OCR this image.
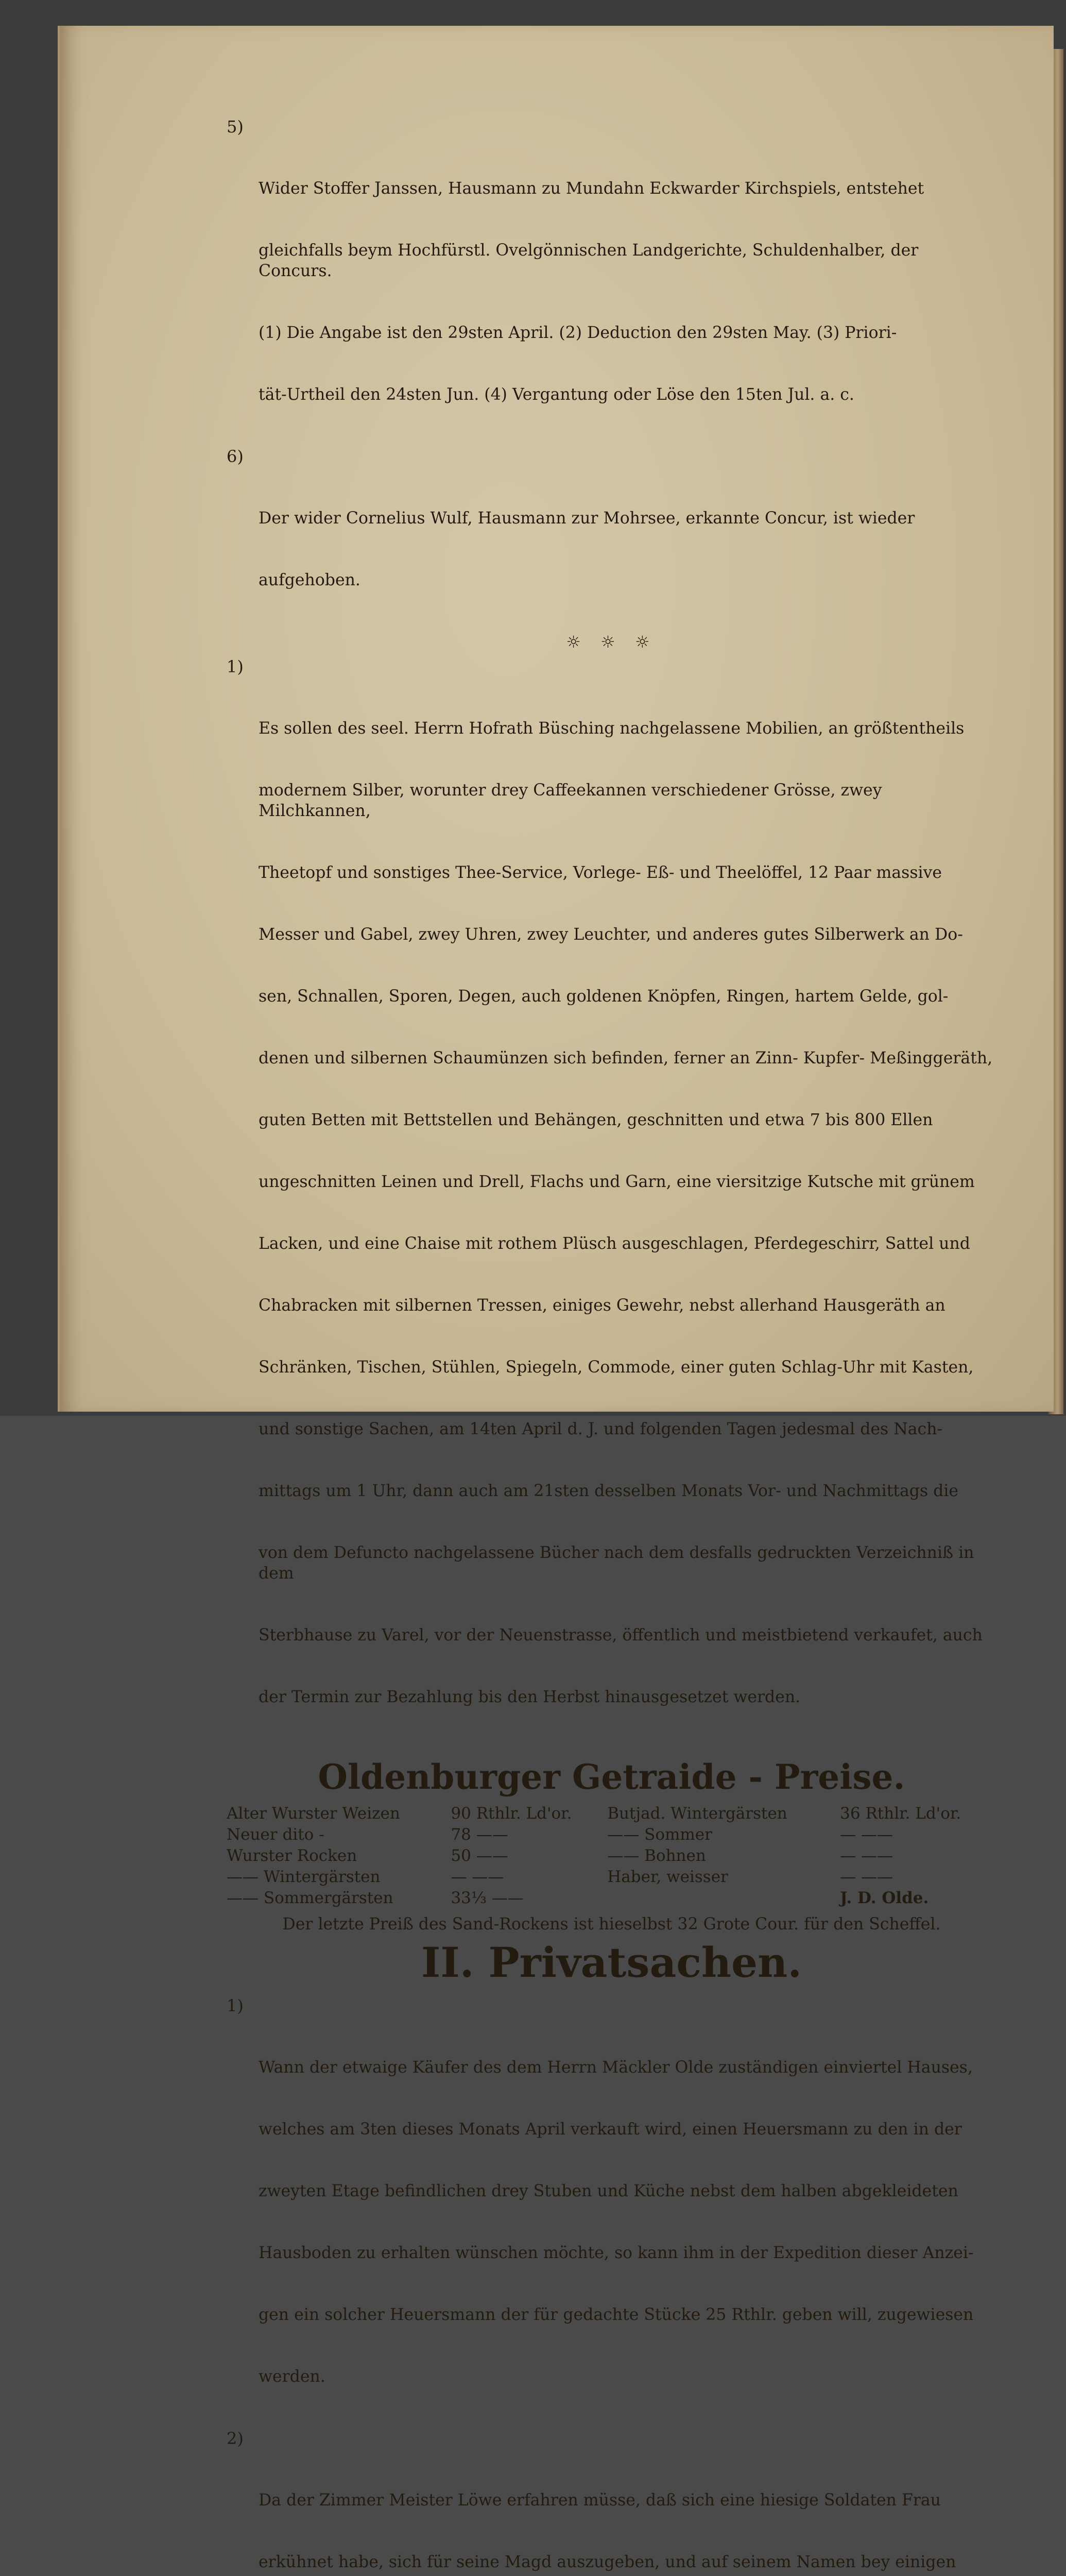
5)

Wider Stoffer Janssen, Hausmann zu Mundahn Eckwarder Kirchspiels, entstehet

gleichfalls beym Hochfürstl. Ovelgönnischen Landgerichte, Schuldenhalber, der Concurs.

(1) Die Angabe ist den 29sten April. (2) Deduction den 29sten May. (3) Priori-

tät-Urtheil den 24sten Jun. (4) Vergantung oder Löse den 15ten Jul. a. c.

6)

Der wider Cornelius Wulf, Hausmann zur Mohrsee, erkannte Concur, ist wieder

aufgehoben.

☼ ☼ ☼

1)

Es sollen des seel. Herrn Hofrath Büsching nachgelassene Mobilien, an größtentheils

modernem Silber, worunter drey Caffeekannen verschiedener Grösse, zwey Milchkannen,

Theetopf und sonstiges Thee-Service, Vorlege- Eß- und Theelöffel, 12 Paar massive

Messer und Gabel, zwey Uhren, zwey Leuchter, und anderes gutes Silberwerk an Do-

sen, Schnallen, Sporen, Degen, auch goldenen Knöpfen, Ringen, hartem Gelde, gol-

denen und silbernen Schaumünzen sich befinden, ferner an Zinn- Kupfer- Meßinggeräth,

guten Betten mit Bettstellen und Behängen, geschnitten und etwa 7 bis 800 Ellen

ungeschnitten Leinen und Drell, Flachs und Garn, eine viersitzige Kutsche mit grünem

Lacken, und eine Chaise mit rothem Plüsch ausgeschlagen, Pferdegeschirr, Sattel und

Chabracken mit silbernen Tressen, einiges Gewehr, nebst allerhand Hausgeräth an

Schränken, Tischen, Stühlen, Spiegeln, Commode, einer guten Schlag-Uhr mit Kasten,

und sonstige Sachen, am 14ten April d. J. und folgenden Tagen jedesmal des Nach-

mittags um 1 Uhr, dann auch am 21sten desselben Monats Vor- und Nachmittags die

von dem Defuncto nachgelassene Bücher nach dem desfalls gedruckten Verzeichniß in dem

Sterbhause zu Varel, vor der Neuenstrasse, öffentlich und meistbietend verkaufet, auch

der Termin zur Bezahlung bis den Herbst hinausgesetzet werden.

Oldenburger Getraide - Preise.
Alter Wurster Weizen	90 Rthlr. Ld'or.	Butjad. Wintergärsten	36 Rthlr. Ld'or.
Neuer dito -	78 ——	—— Sommer	— ——
Wurster Rocken	50 ——	—— Bohnen	— ——
—— Wintergärsten	— ——	Haber, weisser	— ——
—— Sommergärsten	33⅓ ——		J. D. Olde.
Der letzte Preiß des Sand-Rockens ist hieselbst 32 Grote Cour. für den Scheffel.
II. Privatsachen.

1)

Wann der etwaige Käufer des dem Herrn Mäckler Olde zuständigen einviertel Hauses,

welches am 3ten dieses Monats April verkauft wird, einen Heuersmann zu den in der

zweyten Etage befindlichen drey Stuben und Küche nebst dem halben abgekleideten

Hausboden zu erhalten wünschen möchte, so kann ihm in der Expedition dieser Anzei-

gen ein solcher Heuersmann der für gedachte Stücke 25 Rthlr. geben will, zugewiesen

werden.

2)

Da der Zimmer Meister Löwe erfahren müsse, daß sich eine hiesige Soldaten Frau

erkühnet habe, sich für seine Magd auszugeben, und auf seinem Namen bey einigen
